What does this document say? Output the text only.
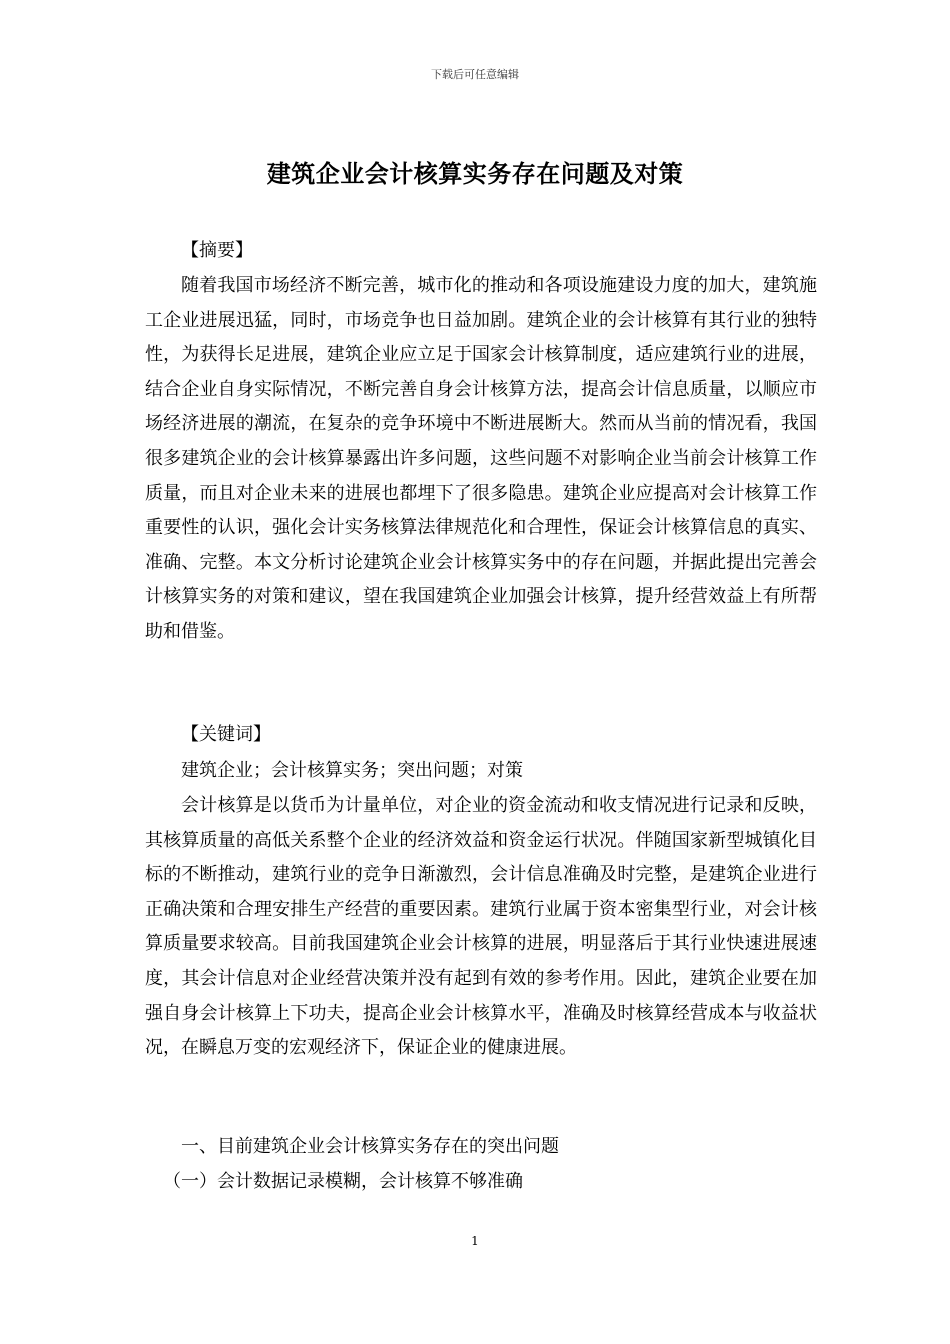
下载后可任意编辑
建筑企业会计核算实务存在问题及对策
【摘要】

随着我国市场经济不断完善，城市化的推动和各项设施建设力度的加大，建筑施工企业进展迅猛，同时，市场竞争也日益加剧。建筑企业的会计核算有其行业的独特性，为获得长足进展，建筑企业应立足于国家会计核算制度，适应建筑行业的进展，结合企业自身实际情况，不断完善自身会计核算方法，提高会计信息质量，以顺应市场经济进展的潮流，在复杂的竞争环境中不断进展断大。然而从当前的情况看，我国很多建筑企业的会计核算暴露出许多问题，这些问题不对影响企业当前会计核算工作质量，而且对企业未来的进展也都埋下了很多隐患。建筑企业应提高对会计核算工作重要性的认识，强化会计实务核算法律规范化和合理性，保证会计核算信息的真实、准确、完整。本文分析讨论建筑企业会计核算实务中的存在问题，并据此提出完善会计核算实务的对策和建议，望在我国建筑企业加强会计核算，提升经营效益上有所帮助和借鉴。

【关键词】
建筑企业；会计核算实务；突出问题；对策

会计核算是以货币为计量单位，对企业的资金流动和收支情况进行记录和反映，其核算质量的高低关系整个企业的经济效益和资金运行状况。伴随国家新型城镇化目标的不断推动，建筑行业的竞争日渐激烈，会计信息准确及时完整，是建筑企业进行正确决策和合理安排生产经营的重要因素。建筑行业属于资本密集型行业，对会计核算质量要求较高。目前我国建筑企业会计核算的进展，明显落后于其行业快速进展速度，其会计信息对企业经营决策并没有起到有效的参考作用。因此，建筑企业要在加强自身会计核算上下功夫，提高企业会计核算水平，准确及时核算经营成本与收益状况，在瞬息万变的宏观经济下，保证企业的健康进展。

一、目前建筑企业会计核算实务存在的突出问题
（一）会计数据记录模糊，会计核算不够准确
1
